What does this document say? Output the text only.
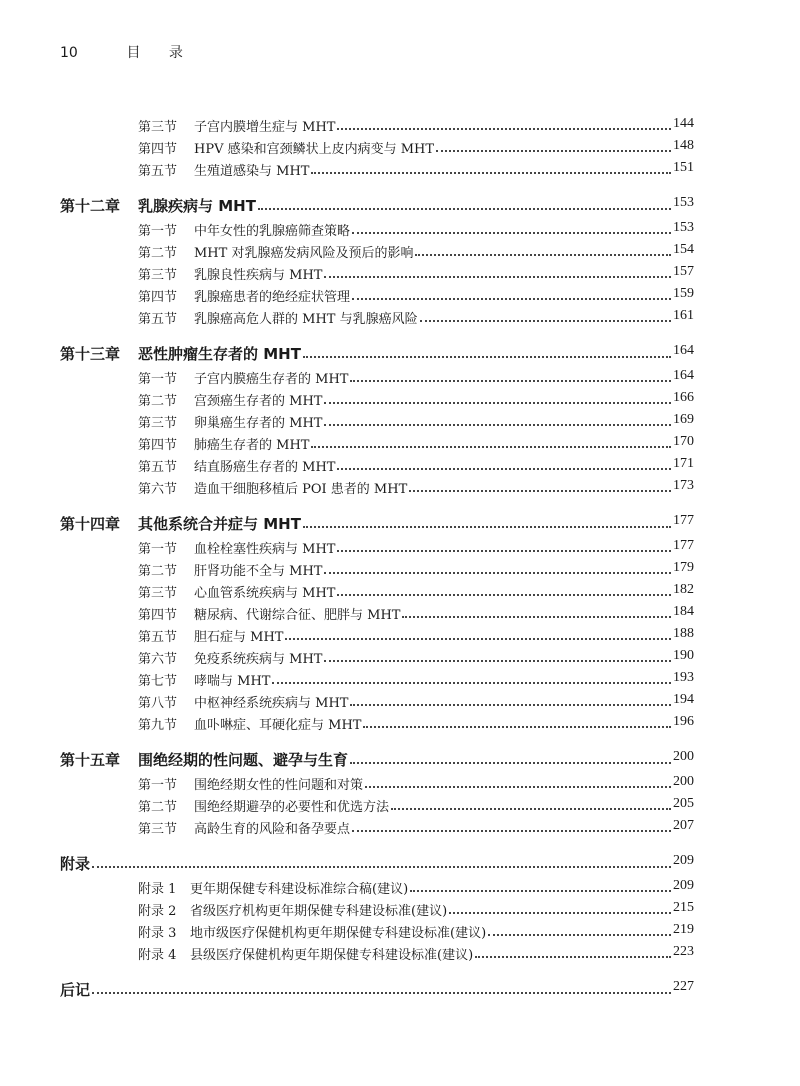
10	目 录
第三节 子宫内膜增生症与 MHT	144
第四节 HPV 感染和宫颈鳞状上皮内病变与 MHT	148
第五节 生殖道感染与 MHT	151
第十二章 乳腺疾病与 MHT	153
第一节 中年女性的乳腺癌筛查策略	153
第二节 MHT 对乳腺癌发病风险及预后的影响	154
第三节 乳腺良性疾病与 MHT	157
第四节 乳腺癌患者的绝经症状管理	159
第五节 乳腺癌高危人群的 MHT 与乳腺癌风险	161
第十三章 恶性肿瘤生存者的 MHT	164
第一节 子宫内膜癌生存者的 MHT	164
第二节 宫颈癌生存者的 MHT	166
第三节 卵巢癌生存者的 MHT	169
第四节 肺癌生存者的 MHT	170
第五节 结直肠癌生存者的 MHT	171
第六节 造血干细胞移植后 POI 患者的 MHT	173
第十四章 其他系统合并症与 MHT	177
第一节 血栓栓塞性疾病与 MHT	177
第二节 肝肾功能不全与 MHT	179
第三节 心血管系统疾病与 MHT	182
第四节 糖尿病、代谢综合征、肥胖与 MHT	184
第五节 胆石症与 MHT	188
第六节 免疫系统疾病与 MHT	190
第七节 哮喘与 MHT	193
第八节 中枢神经系统疾病与 MHT	194
第九节 血卟啉症、耳硬化症与 MHT	196
第十五章 围绝经期的性问题、避孕与生育	200
第一节 围绝经期女性的性问题和对策	200
第二节 围绝经期避孕的必要性和优选方法	205
第三节 高龄生育的风险和备孕要点	207
附录	209
附录 1 更年期保健专科建设标准综合稿(建议)	209
附录 2 省级医疗机构更年期保健专科建设标准(建议)	215
附录 3 地市级医疗保健机构更年期保健专科建设标准(建议)	219
附录 4 县级医疗保健机构更年期保健专科建设标准(建议)	223
后记	227
